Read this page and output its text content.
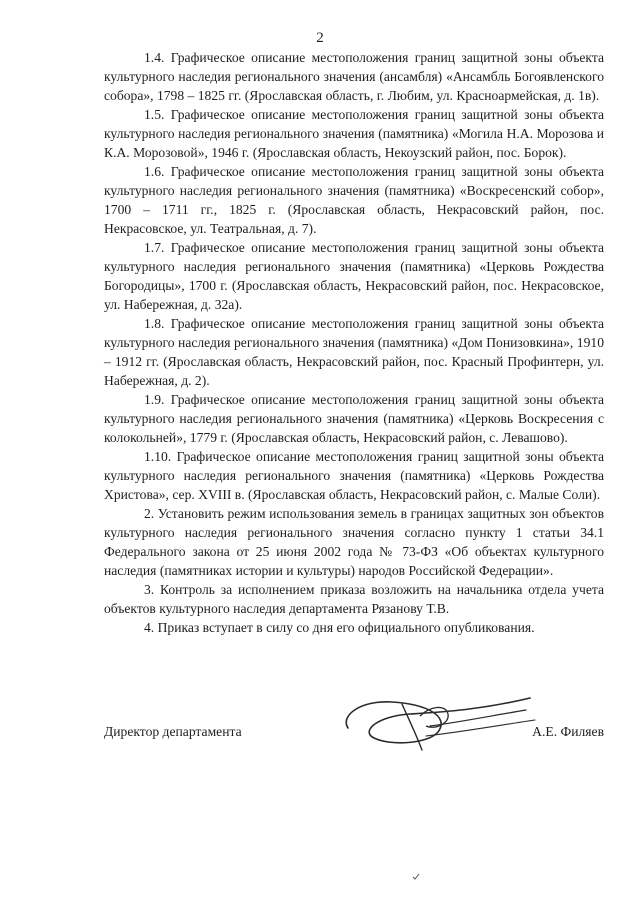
2

1.4. Графическое описание местоположения границ защитной зоны объекта культурного наследия регионального значения (ансамбля) «Ансамбль Богоявленского собора», 1798 – 1825 гг. (Ярославская область, г. Любим, ул. Красноармейская, д. 1в).

1.5. Графическое описание местоположения границ защитной зоны объекта культурного наследия регионального значения (памятника) «Могила Н.А. Морозова и К.А. Морозовой», 1946 г. (Ярославская область, Некоузский район, пос. Борок).

1.6. Графическое описание местоположения границ защитной зоны объекта культурного наследия регионального значения (памятника) «Воскресенский собор», 1700 – 1711 гг., 1825 г. (Ярославская область, Некрасовский район, пос. Некрасовское, ул. Театральная, д. 7).

1.7. Графическое описание местоположения границ защитной зоны объекта культурного наследия регионального значения (памятника) «Церковь Рождества Богородицы», 1700 г. (Ярославская область, Некрасовский район, пос. Некрасовское, ул. Набережная, д. 32а).

1.8. Графическое описание местоположения границ защитной зоны объекта культурного наследия регионального значения (памятника) «Дом Понизовкина», 1910 – 1912 гг. (Ярославская область, Некрасовский район, пос. Красный Профинтерн, ул. Набережная, д. 2).

1.9. Графическое описание местоположения границ защитной зоны объекта культурного наследия регионального значения (памятника) «Церковь Воскресения с колокольней», 1779 г. (Ярославская область, Некрасовский район, с. Левашово).

1.10. Графическое описание местоположения границ защитной зоны объекта культурного наследия регионального значения (памятника) «Церковь Рождества Христова», сер. XVIII в. (Ярославская область, Некрасовский район, с. Малые Соли).

2. Установить режим использования земель в границах защитных зон объектов культурного наследия регионального значения согласно пункту 1 статьи 34.1 Федерального закона от 25 июня 2002 года № 73-ФЗ «Об объектах культурного наследия (памятниках истории и культуры) народов Российской Федерации».

3. Контроль за исполнением приказа возложить на начальника отдела учета объектов культурного наследия департамента Рязанову Т.В.

4. Приказ вступает в силу со дня его официального опубликования.

Директор департамента	А.Е. Филяев
